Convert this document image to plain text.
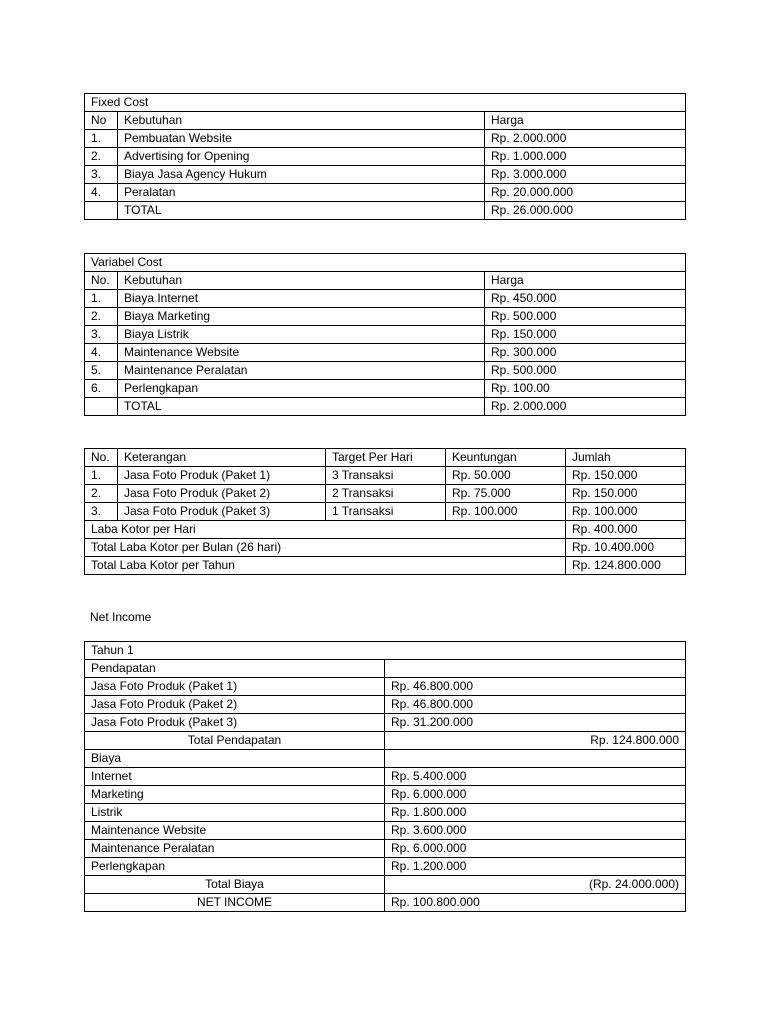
Fixed Cost		
No	Kebutuhan	Harga
1.	Pembuatan Website	Rp. 2.000.000
2.	Advertising for Opening	Rp. 1.000.000
3.	Biaya Jasa Agency Hukum	Rp. 3.000.000
4.	Peralatan	Rp. 20.000.000
	TOTAL	Rp. 26.000.000
Variabel Cost		
No.	Kebutuhan	Harga
1.	Biaya Internet	Rp. 450.000
2.	Biaya Marketing	Rp. 500.000
3.	Biaya Listrik	Rp. 150.000
4.	Maintenance Website	Rp. 300.000
5.	Maintenance Peralatan	Rp. 500.000
6.	Perlengkapan	Rp. 100.00
	TOTAL	Rp. 2.000.000
No.	Keterangan	Target Per Hari	Keuntungan	Jumlah
1.	Jasa Foto Produk (Paket 1)	3 Transaksi	Rp. 50.000	Rp. 150.000
2.	Jasa Foto Produk (Paket 2)	2 Transaksi	Rp. 75.000	Rp. 150.000
3.	Jasa Foto Produk (Paket 3)	1 Transaksi	Rp. 100.000	Rp. 100.000
Laba Kotor per Hari				Rp. 400.000
Total Laba Kotor per Bulan (26 hari)				Rp. 10.400.000
Total Laba Kotor per Tahun				Rp. 124.800.000
Net Income
Tahun 1	
Pendapatan	
Jasa Foto Produk (Paket 1)	Rp. 46.800.000
Jasa Foto Produk (Paket 2)	Rp. 46.800.000
Jasa Foto Produk (Paket 3)	Rp. 31.200.000
Total Pendapatan	Rp. 124.800.000
Biaya	
Internet	Rp. 5.400.000
Marketing	Rp. 6.000.000
Listrik	Rp. 1.800.000
Maintenance Website	Rp. 3.600.000
Maintenance Peralatan	Rp. 6.000.000
Perlengkapan	Rp. 1.200.000
Total Biaya	(Rp. 24.000.000)
NET INCOME	Rp. 100.800.000
